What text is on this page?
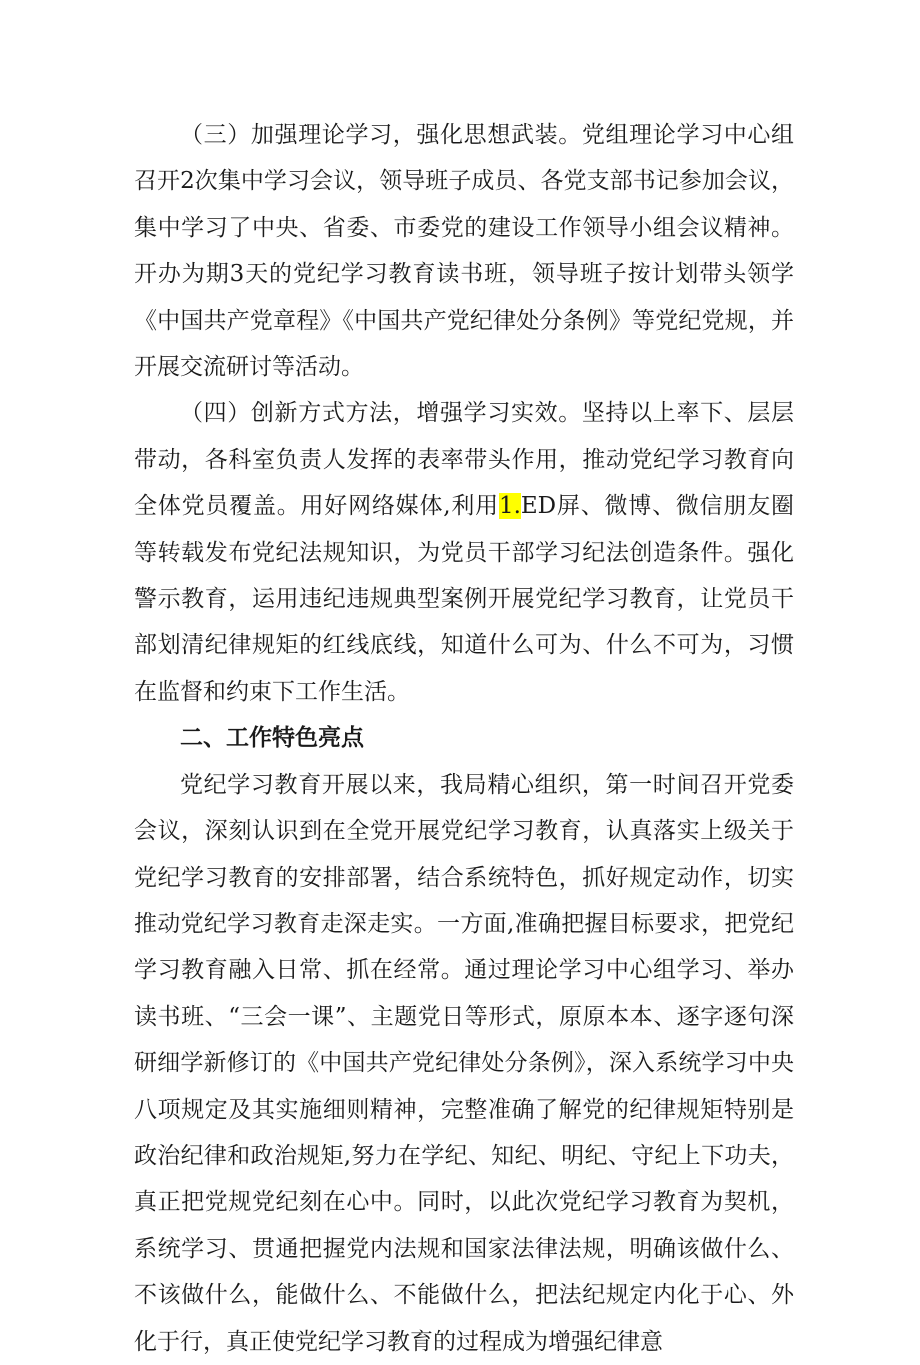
（三）加强理论学习，强化思想武装。党组理论学习中心组召开2次集中学习会议，领导班子成员、各党支部书记参加会议，集中学习了中央、省委、市委党的建设工作领导小组会议精神。开办为期3天的党纪学习教育读书班，领导班子按计划带头领学《中国共产党章程》《中国共产党纪律处分条例》等党纪党规，并开展交流研讨等活动。

（四）创新方式方法，增强学习实效。坚持以上率下、层层带动，各科室负责人发挥的表率带头作用，推动党纪学习教育向全体党员覆盖。用好网络媒体,利用1.ED屏、微博、微信朋友圈等转载发布党纪法规知识，为党员干部学习纪法创造条件。强化警示教育，运用违纪违规典型案例开展党纪学习教育，让党员干部划清纪律规矩的红线底线，知道什么可为、什么不可为，习惯在监督和约束下工作生活。

二、工作特色亮点

党纪学习教育开展以来，我局精心组织，第一时间召开党委会议，深刻认识到在全党开展党纪学习教育，认真落实上级关于党纪学习教育的安排部署，结合系统特色，抓好规定动作，切实推动党纪学习教育走深走实。一方面,准确把握目标要求，把党纪学习教育融入日常、抓在经常。通过理论学习中心组学习、举办读书班、“三会一课”、主题党日等形式，原原本本、逐字逐句深研细学新修订的《中国共产党纪律处分条例》，深入系统学习中央八项规定及其实施细则精神，完整准确了解党的纪律规矩特别是政治纪律和政治规矩,努力在学纪、知纪、明纪、守纪上下功夫，真正把党规党纪刻在心中。同时，以此次党纪学习教育为契机，系统学习、贯通把握党内法规和国家法律法规，明确该做什么、不该做什么，能做什么、不能做什么，把法纪规定内化于心、外化于行，真正使党纪学习教育的过程成为增强纪律意
